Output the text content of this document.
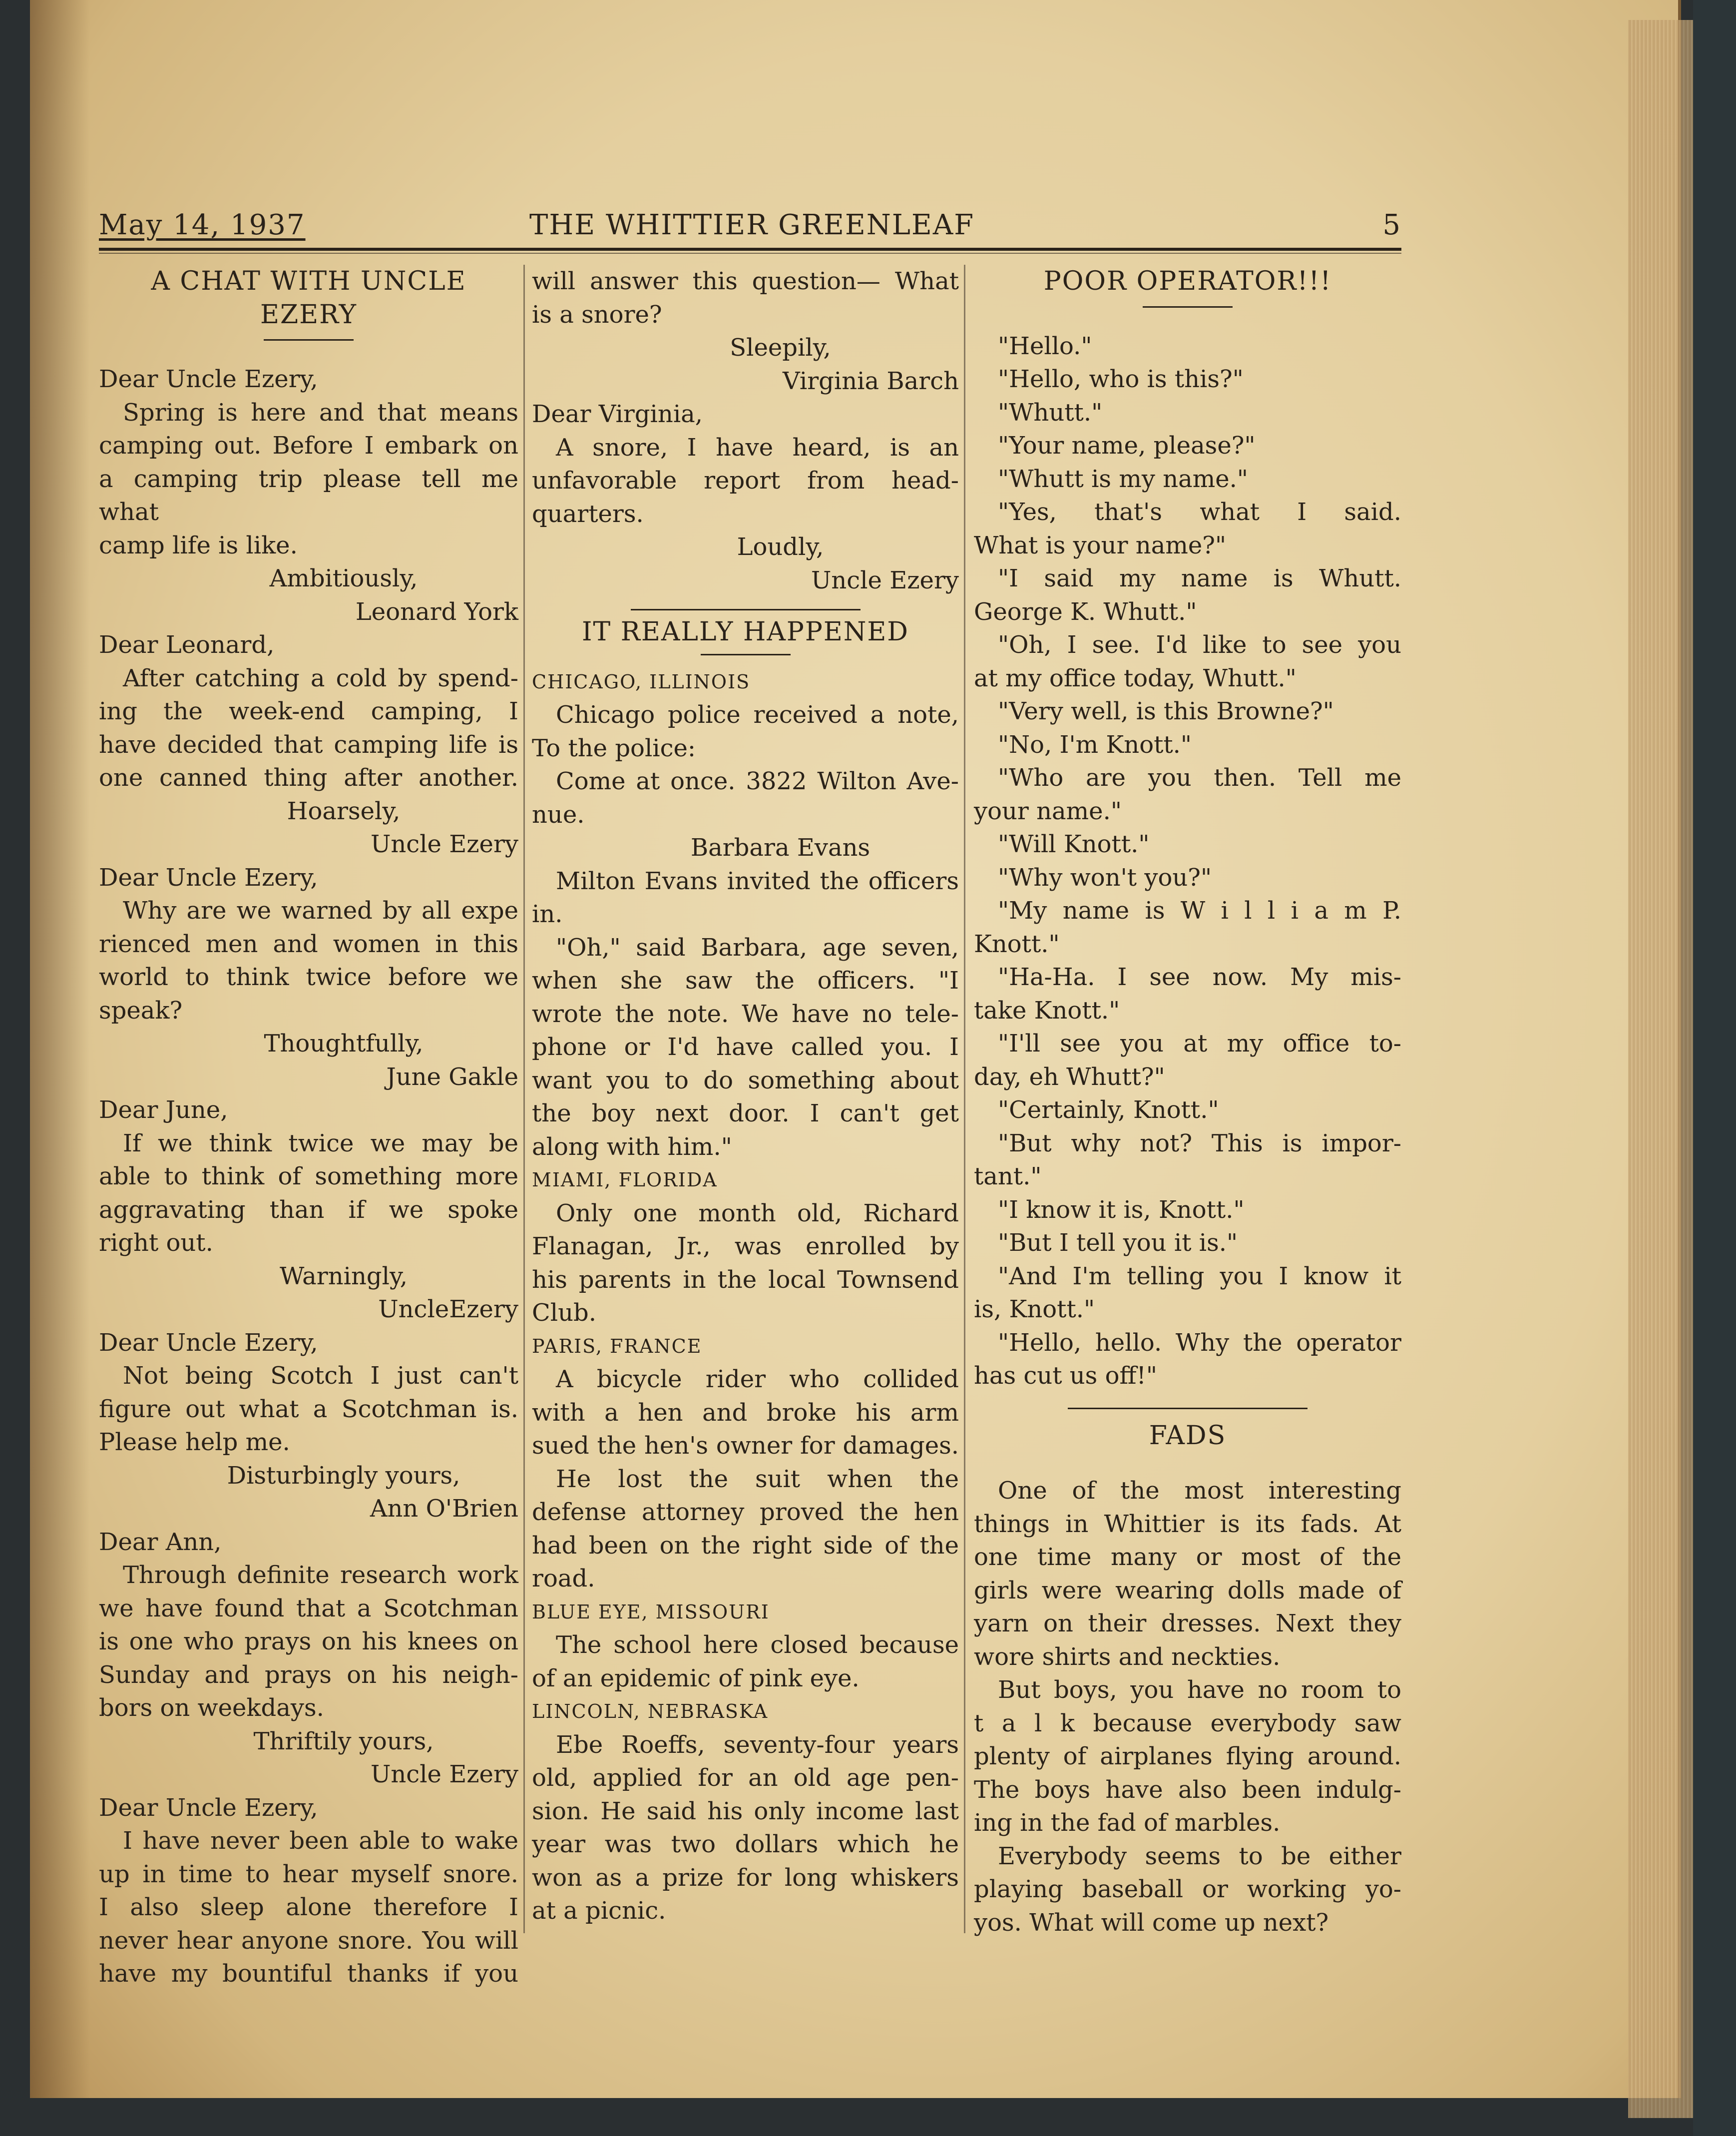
May 14, 1937	THE WHITTIER GREENLEAF	5

A CHAT WITH UNCLE EZERY

Dear Uncle Ezery,

Spring is here and that means

camping out. Before I embark on

a camping trip please tell me what

camp life is like.

Ambitiously,

Leonard York

Dear Leonard,

After catching a cold by spend-

ing the week-end camping, I

have decided that camping life is

one canned thing after another.

Hoarsely,

Uncle Ezery

Dear Uncle Ezery,

Why are we warned by all expe

rienced men and women in this

world to think twice before we

speak?

Thoughtfully,

June Gakle

Dear June,

If we think twice we may be

able to think of something more

aggravating than if we spoke

right out.

Warningly,

UncleEzery

Dear Uncle Ezery,

Not being Scotch I just can't

figure out what a Scotchman is.

Please help me.

Disturbingly yours,

Ann O'Brien

Dear Ann,

Through definite research work

we have found that a Scotchman

is one who prays on his knees on

Sunday and prays on his neigh-

bors on weekdays.

Thriftily yours,

Uncle Ezery

Dear Uncle Ezery,

I have never been able to wake

up in time to hear myself snore.

I also sleep alone therefore I

never hear anyone snore. You will

have my bountiful thanks if you

will answer this question— What

is a snore?

Sleepily,

Virginia Barch

Dear Virginia,

A snore, I have heard, is an

unfavorable report from head-

quarters.

Loudly,

Uncle Ezery

IT REALLY HAPPENED

CHICAGO, ILLINOIS

Chicago police received a note,

To the police:

Come at once. 3822 Wilton Ave-

nue.

Barbara Evans

Milton Evans invited the officers

in.

"Oh," said Barbara, age seven,

when she saw the officers. "I

wrote the note. We have no tele-

phone or I'd have called you. I

want you to do something about

the boy next door. I can't get

along with him."

MIAMI, FLORIDA

Only one month old, Richard

Flanagan, Jr., was enrolled by

his parents in the local Townsend

Club.

PARIS, FRANCE

A bicycle rider who collided

with a hen and broke his arm

sued the hen's owner for damages.

He lost the suit when the

defense attorney proved the hen

had been on the right side of the

road.

BLUE EYE, MISSOURI

The school here closed because

of an epidemic of pink eye.

LINCOLN, NEBRASKA

Ebe Roeffs, seventy-four years

old, applied for an old age pen-

sion. He said his only income last

year was two dollars which he

won as a prize for long whiskers

at a picnic.

POOR OPERATOR!!!

"Hello."

"Hello, who is this?"

"Whutt."

"Your name, please?"

"Whutt is my name."

"Yes, that's what I said.

What is your name?"

"I said my name is Whutt.

George K. Whutt."

"Oh, I see. I'd like to see you

at my office today, Whutt."

"Very well, is this Browne?"

"No, I'm Knott."

"Who are you then. Tell me

your name."

"Will Knott."

"Why won't you?"

"My name is W i l l i a m P.

Knott."

"Ha-Ha. I see now. My mis-

take Knott."

"I'll see you at my office to-

day, eh Whutt?"

"Certainly, Knott."

"But why not? This is impor-

tant."

"I know it is, Knott."

"But I tell you it is."

"And I'm telling you I know it

is, Knott."

"Hello, hello. Why the operator

has cut us off!"

FADS

One of the most interesting

things in Whittier is its fads. At

one time many or most of the

girls were wearing dolls made of

yarn on their dresses. Next they

wore shirts and neckties.

But boys, you have no room to

t a l k because everybody saw

plenty of airplanes flying around.

The boys have also been indulg-

ing in the fad of marbles.

Everybody seems to be either

playing baseball or working yo-

yos. What will come up next?
